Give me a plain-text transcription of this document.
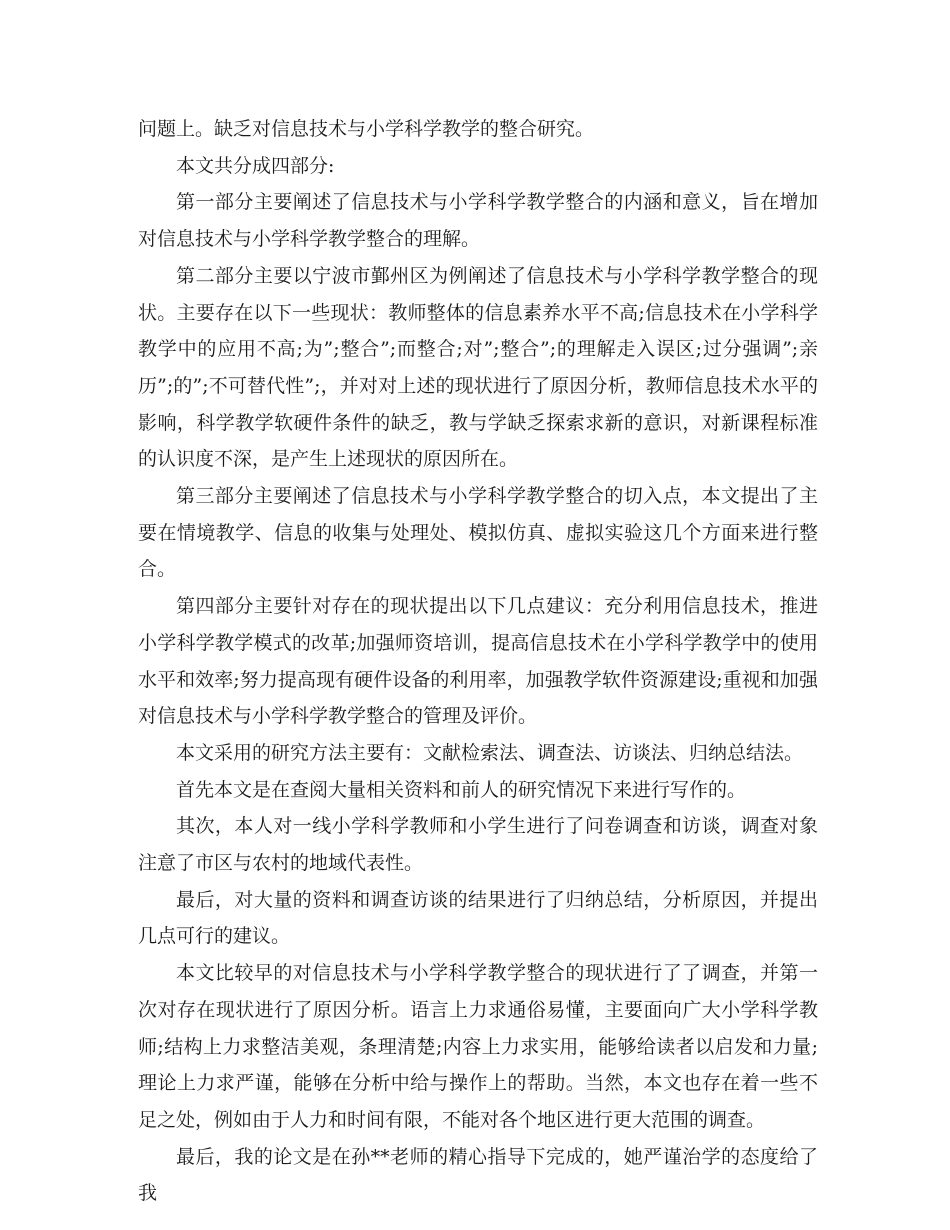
问题上。缺乏对信息技术与小学科学教学的整合研究。

本文共分成四部分:

第一部分主要阐述了信息技术与小学科学教学整合的内涵和意义，旨在增加对信息技术与小学科学教学整合的理解。

第二部分主要以宁波市鄞州区为例阐述了信息技术与小学科学教学整合的现状。主要存在以下一些现状：教师整体的信息素养水平不高;信息技术在小学科学教学中的应用不高;为”;整合”;而整合;对”;整合”;的理解走入误区;过分强调”;亲历”;的”;不可替代性”;，并对对上述的现状进行了原因分析，教师信息技术水平的影响，科学教学软硬件条件的缺乏，教与学缺乏探索求新的意识，对新课程标准的认识度不深，是产生上述现状的原因所在。

第三部分主要阐述了信息技术与小学科学教学整合的切入点，本文提出了主要在情境教学、信息的收集与处理处、模拟仿真、虚拟实验这几个方面来进行整合。

第四部分主要针对存在的现状提出以下几点建议：充分利用信息技术，推进小学科学教学模式的改革;加强师资培训，提高信息技术在小学科学教学中的使用水平和效率;努力提高现有硬件设备的利用率，加强教学软件资源建设;重视和加强对信息技术与小学科学教学整合的管理及评价。

本文采用的研究方法主要有：文献检索法、调查法、访谈法、归纳总结法。

首先本文是在查阅大量相关资料和前人的研究情况下来进行写作的。

其次，本人对一线小学科学教师和小学生进行了问卷调查和访谈，调查对象注意了市区与农村的地域代表性。

最后，对大量的资料和调查访谈的结果进行了归纳总结，分析原因，并提出几点可行的建议。

本文比较早的对信息技术与小学科学教学整合的现状进行了了调查，并第一次对存在现状进行了原因分析。语言上力求通俗易懂，主要面向广大小学科学教师;结构上力求整洁美观，条理清楚;内容上力求实用，能够给读者以启发和力量;理论上力求严谨，能够在分析中给与操作上的帮助。当然，本文也存在着一些不足之处，例如由于人力和时间有限，不能对各个地区进行更大范围的调查。

最后，我的论文是在孙**老师的精心指导下完成的，她严谨治学的态度给了我
